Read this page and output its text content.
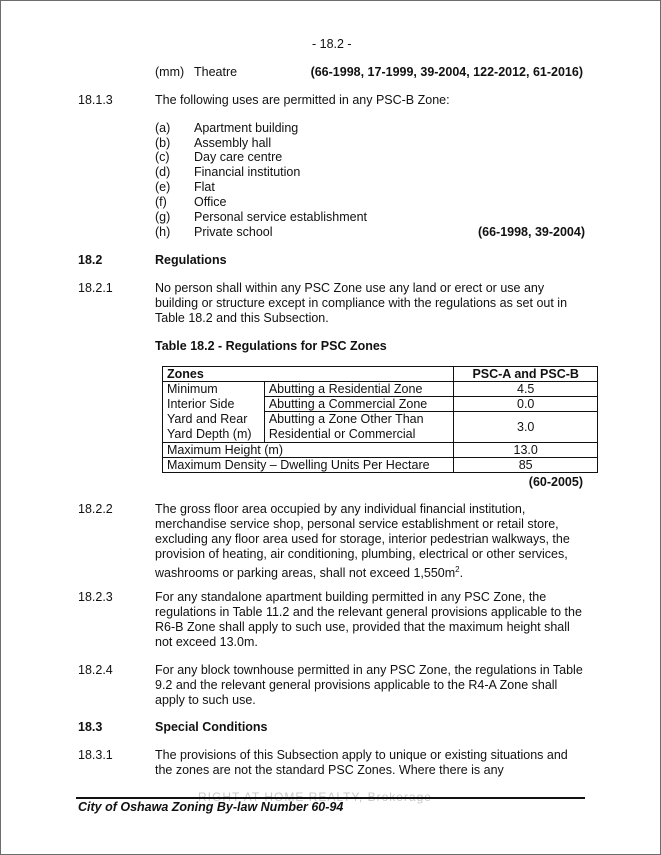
- 18.2 -
(mm) Theatre	(66-1998, 17-1999, 39-2004, 122-2012, 61-2016)
18.1.3	The following uses are permitted in any PSC-B Zone:
(a) Apartment building
(b) Assembly hall
(c) Day care centre
(d) Financial institution
(e) Flat
(f) Office
(g) Personal service establishment
(h) Private school	(66-1998, 39-2004)
18.2	Regulations
18.2.1	No person shall within any PSC Zone use any land or erect or use any building or structure except in compliance with the regulations as set out in Table 18.2 and this Subsection.
Table 18.2 - Regulations for PSC Zones
Zones		PSC-A and PSC-B
Minimum Interior Side Yard and Rear Yard Depth (m)	Abutting a Residential Zone	4.5
	Abutting a Commercial Zone	0.0
	Abutting a Zone Other Than Residential or Commercial	3.0
Maximum Height (m)		13.0
Maximum Density – Dwelling Units Per Hectare		85
(60-2005)
18.2.2	The gross floor area occupied by any individual financial institution, merchandise service shop, personal service establishment or retail store, excluding any floor area used for storage, interior pedestrian walkways, the provision of heating, air conditioning, plumbing, electrical or other services, washrooms or parking areas, shall not exceed $1,550m^2$.
18.2.3	For any standalone apartment building permitted in any PSC Zone, the regulations in Table 11.2 and the relevant general provisions applicable to the R6-B Zone shall apply to such use, provided that the maximum height shall not exceed 13.0m.
18.2.4	For any block townhouse permitted in any PSC Zone, the regulations in Table 9.2 and the relevant general provisions applicable to the R4-A Zone shall apply to such use.
18.3	Special Conditions
18.3.1	The provisions of this Subsection apply to unique or existing situations and the zones are not the standard PSC Zones. Where there is any
RIGHT AT HOME REALTY, Brokerage
City of Oshawa Zoning By-law Number 60-94
